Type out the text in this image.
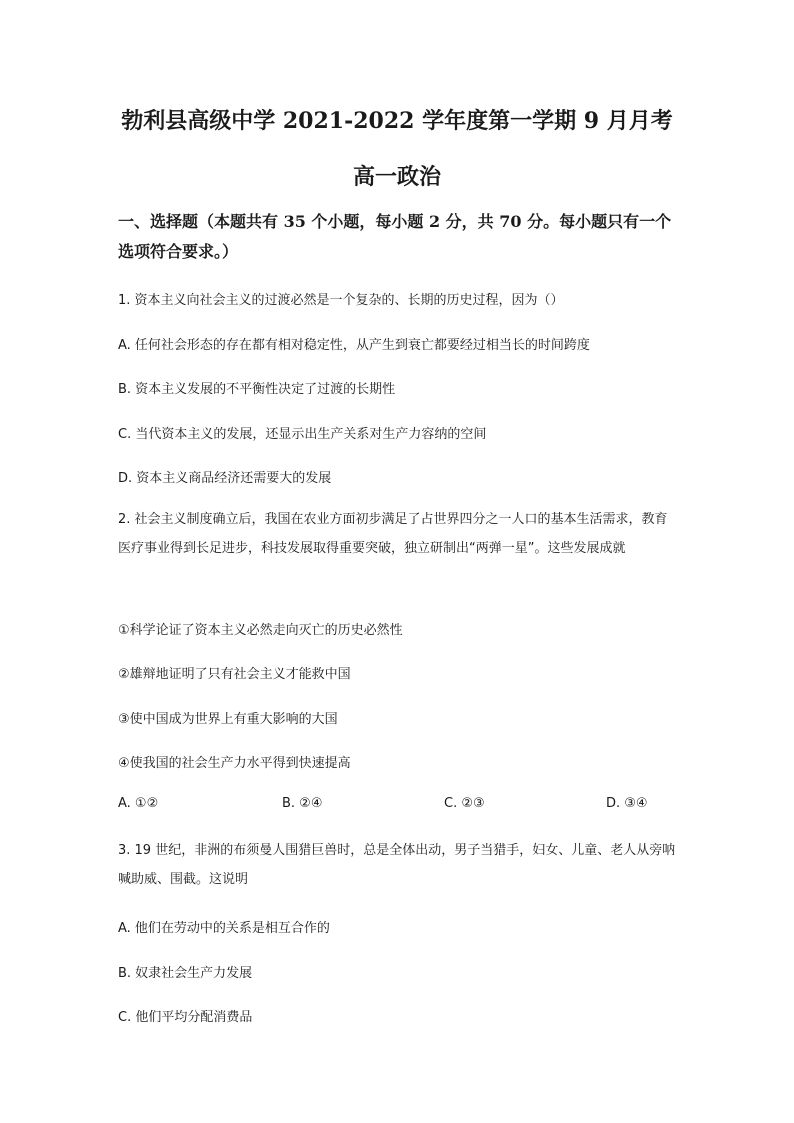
勃利县高级中学 2021-2022 学年度第一学期 9 月月考
高一政治
一、选择题（本题共有 35 个小题，每小题 2 分，共 70 分。每小题只有一个选项符合要求。）
1. 资本主义向社会主义的过渡必然是一个复杂的、长期的历史过程，因为（）
A. 任何社会形态的存在都有相对稳定性，从产生到衰亡都要经过相当长的时间跨度
B. 资本主义发展的不平衡性决定了过渡的长期性
C. 当代资本主义的发展，还显示出生产关系对生产力容纳的空间
D. 资本主义商品经济还需要大的发展
2. 社会主义制度确立后，我国在农业方面初步满足了占世界四分之一人口的基本生活需求，教育医疗事业得到长足进步，科技发展取得重要突破，独立研制出“两弹一星”。这些发展成就
①科学论证了资本主义必然走向灭亡的历史必然性
②雄辩地证明了只有社会主义才能救中国
③使中国成为世界上有重大影响的大国
④使我国的社会生产力水平得到快速提高
A. ①②	B. ②④	C. ②③	D. ③④
3. 19 世纪，非洲的布须曼人围猎巨兽时，总是全体出动，男子当猎手，妇女、儿童、老人从旁呐喊助威、围截。这说明
A. 他们在劳动中的关系是相互合作的
B. 奴隶社会生产力发展
C. 他们平均分配消费品
